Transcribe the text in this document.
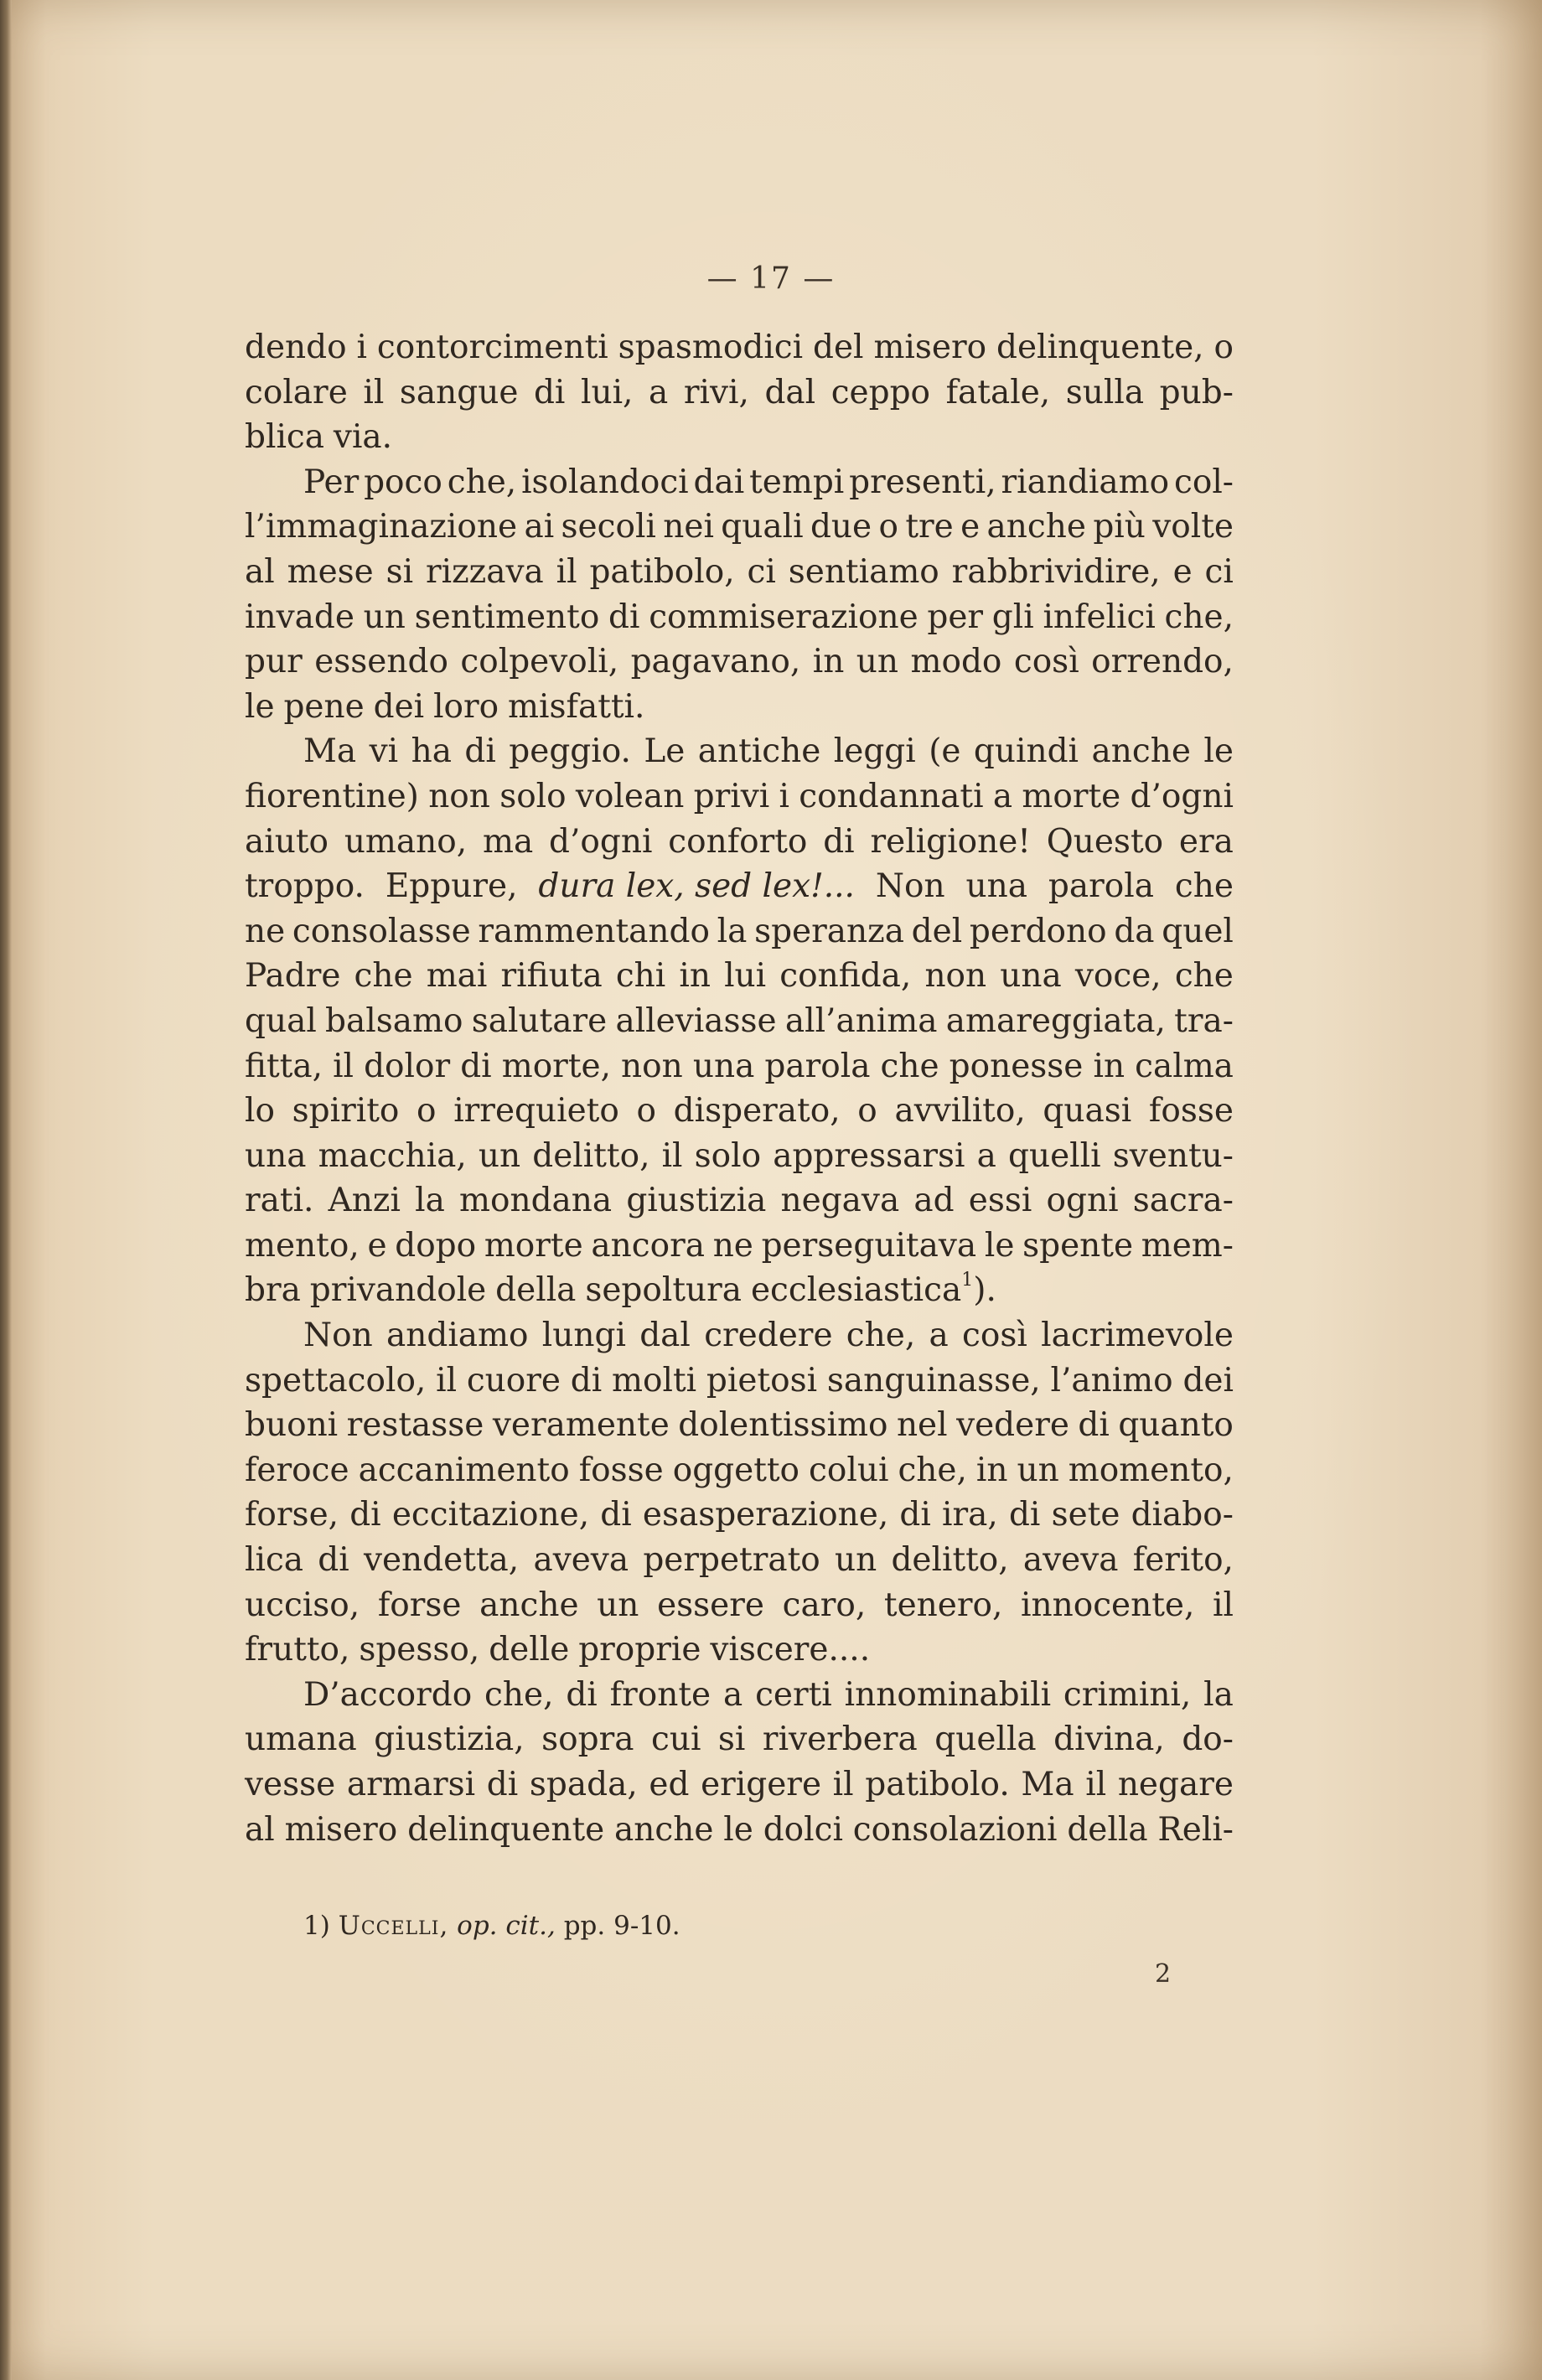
— 17 —
dendo i contorcimenti spasmodici del misero delinquente, o
colare il sangue di lui, a rivi, dal ceppo fatale, sulla pub-
blica via.
Per poco che, isolandoci dai tempi presenti, riandiamo col-
l’immaginazione ai secoli nei quali due o tre e anche più volte
al mese si rizzava il patibolo, ci sentiamo rabbrividire, e ci
invade un sentimento di commiserazione per gli infelici che,
pur essendo colpevoli, pagavano, in un modo così orrendo,
le pene dei loro misfatti.
Ma vi ha di peggio. Le antiche leggi (e quindi anche le
fiorentine) non solo volean privi i condannati a morte d’ogni
aiuto umano, ma d’ogni conforto di religione! Questo era
troppo. Eppure, dura lex, sed lex!... Non una parola che
ne consolasse rammentando la speranza del perdono da quel
Padre che mai rifiuta chi in lui confida, non una voce, che
qual balsamo salutare alleviasse all’anima amareggiata, tra-
fitta, il dolor di morte, non una parola che ponesse in calma
lo spirito o irrequieto o disperato, o avvilito, quasi fosse
una macchia, un delitto, il solo appressarsi a quelli sventu-
rati. Anzi la mondana giustizia negava ad essi ogni sacra-
mento, e dopo morte ancora ne perseguitava le spente mem-
bra privandole della sepoltura ecclesiastica$^1$).
Non andiamo lungi dal credere che, a così lacrimevole
spettacolo, il cuore di molti pietosi sanguinasse, l’animo dei
buoni restasse veramente dolentissimo nel vedere di quanto
feroce accanimento fosse oggetto colui che, in un momento,
forse, di eccitazione, di esasperazione, di ira, di sete diabo-
lica di vendetta, aveva perpetrato un delitto, aveva ferito,
ucciso, forse anche un essere caro, tenero, innocente, il
frutto, spesso, delle proprie viscere....
D’accordo che, di fronte a certi innominabili crimini, la
umana giustizia, sopra cui si riverbera quella divina, do-
vesse armarsi di spada, ed erigere il patibolo. Ma il negare
al misero delinquente anche le dolci consolazioni della Reli-
1) Uccelli, op. cit., pp. 9-10.
2
